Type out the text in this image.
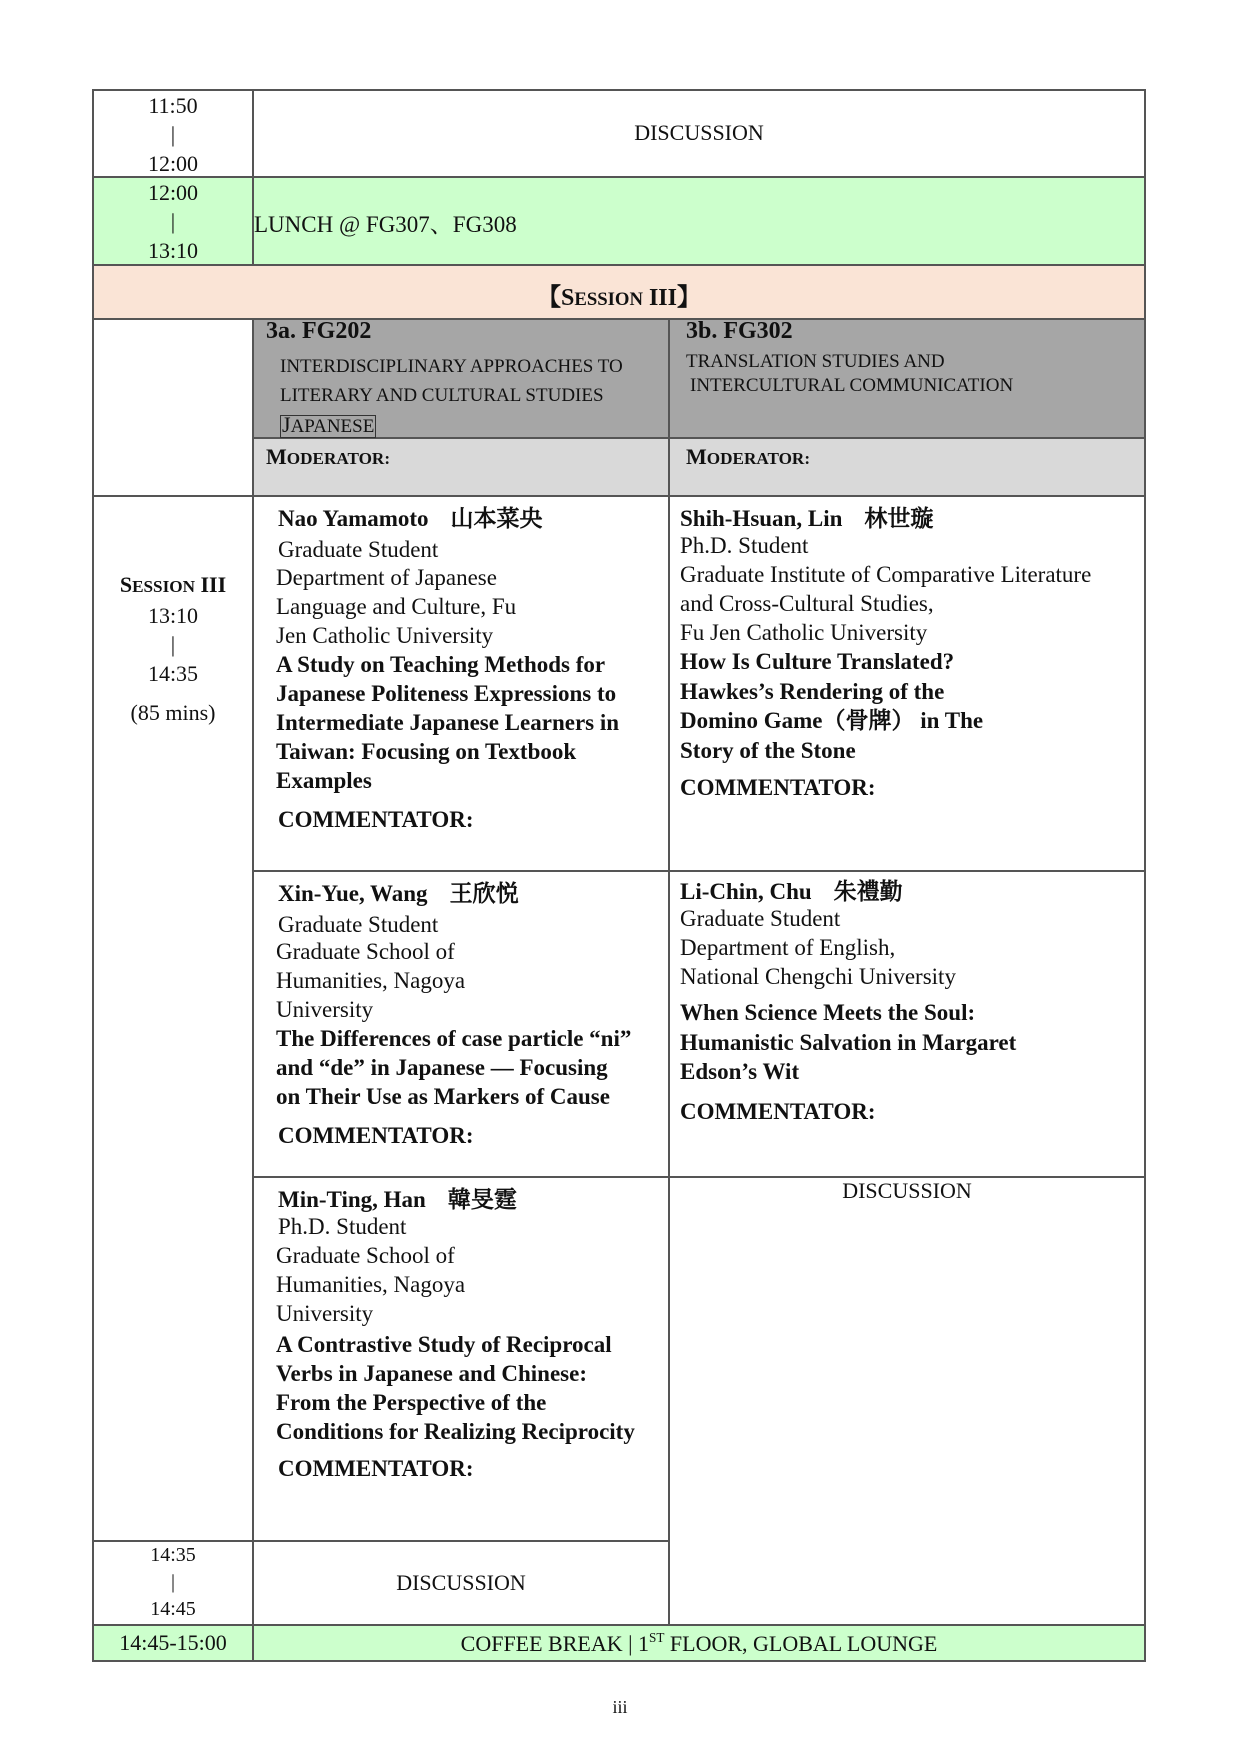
11:50
|
12:00
DISCUSSION
12:00
|
13:10
LUNCH @ FG307、FG308
【SESSION III】
3a. FG202
INTERDISCIPLINARY APPROACHES TO
LITERARY AND CULTURAL STUDIES
JAPANESE
MODERATOR:
3b. FG302
TRANSLATION STUDIES AND
INTERCULTURAL COMMUNICATION
MODERATOR:
SESSION III
13:10
|
14:35
(85 mins)
Nao Yamamoto 山本菜央
Graduate Student
Department of Japanese
Language and Culture, Fu
Jen Catholic University
A Study on Teaching Methods for
Japanese Politeness Expressions to
Intermediate Japanese Learners in
Taiwan: Focusing on Textbook
Examples
COMMENTATOR:
Shih-Hsuan, Lin 林世璇
Ph.D. Student
Graduate Institute of Comparative Literature
and Cross-Cultural Studies,
Fu Jen Catholic University
How Is Culture Translated?
Hawkes’s Rendering of the
Domino Game（骨牌） in The
Story of the Stone
COMMENTATOR:
Xin-Yue, Wang 王欣悦
Graduate Student
Graduate School of
Humanities, Nagoya
University
The Differences of case particle “ni”
and “de” in Japanese — Focusing
on Their Use as Markers of Cause
COMMENTATOR:
Li-Chin, Chu 朱禮勤
Graduate Student
Department of English,
National Chengchi University
When Science Meets the Soul:
Humanistic Salvation in Margaret
Edson’s Wit
COMMENTATOR:
Min-Ting, Han 韓旻霆
Ph.D. Student
Graduate School of
Humanities, Nagoya
University
A Contrastive Study of Reciprocal
Verbs in Japanese and Chinese:
From the Perspective of the
Conditions for Realizing Reciprocity
COMMENTATOR:
DISCUSSION
14:35
|
14:45
DISCUSSION
14:45-15:00	COFFEE BREAK | 1ST FLOOR, GLOBAL LOUNGE
iii
